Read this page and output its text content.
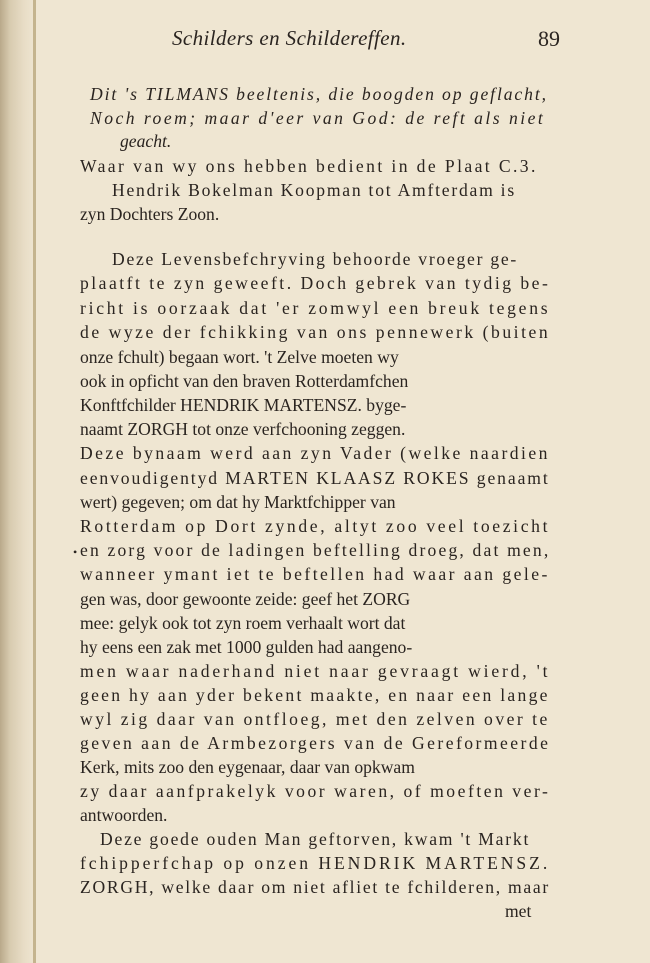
Schilders en Schildereffen.	89
•
Dit 's TILMANS beeltenis, die boogden op geflacht,
Noch roem; maar d'eer van God: de reft als niet
geacht.
Waar van wy ons hebben bedient in de Plaat C.3.
Hendrik Bokelman Koopman tot Amfterdam is
zyn Dochters Zoon.
Deze Levensbefchryving behoorde vroeger ge-
plaatft te zyn geweeft. Doch gebrek van tydig be-
richt is oorzaak dat 'er zomwyl een breuk tegens
de wyze der fchikking van ons pennewerk (buiten
onze fchult) begaan wort. 't Zelve moeten wy
ook in opficht van den braven Rotterdamfchen
Konftfchilder HENDRIK MARTENSZ. byge-
naamt ZORGH tot onze verfchooning zeggen.
Deze bynaam werd aan zyn Vader (welke naardien
eenvoudigentyd MARTEN KLAASZ ROKES genaamt
wert) gegeven; om dat hy Marktfchipper van
Rotterdam op Dort zynde, altyt zoo veel toezicht
en zorg voor de ladingen beftelling droeg, dat men,
wanneer ymant iet te beftellen had waar aan gele-
gen was, door gewoonte zeide: geef het ZORG
mee: gelyk ook tot zyn roem verhaalt wort dat
hy eens een zak met 1000 gulden had aangeno-
men waar naderhand niet naar gevraagt wierd, 't
geen hy aan yder bekent maakte, en naar een lange
wyl zig daar van ontfloeg, met den zelven over te
geven aan de Armbezorgers van de Gereformeerde
Kerk, mits zoo den eygenaar, daar van opkwam
zy daar aanfprakelyk voor waren, of moeften ver-
antwoorden.
Deze goede ouden Man geftorven, kwam 't Markt
fchipperfchap op onzen HENDRIK MARTENSZ.
ZORGH, welke daar om niet afliet te fchilderen, maar
met
